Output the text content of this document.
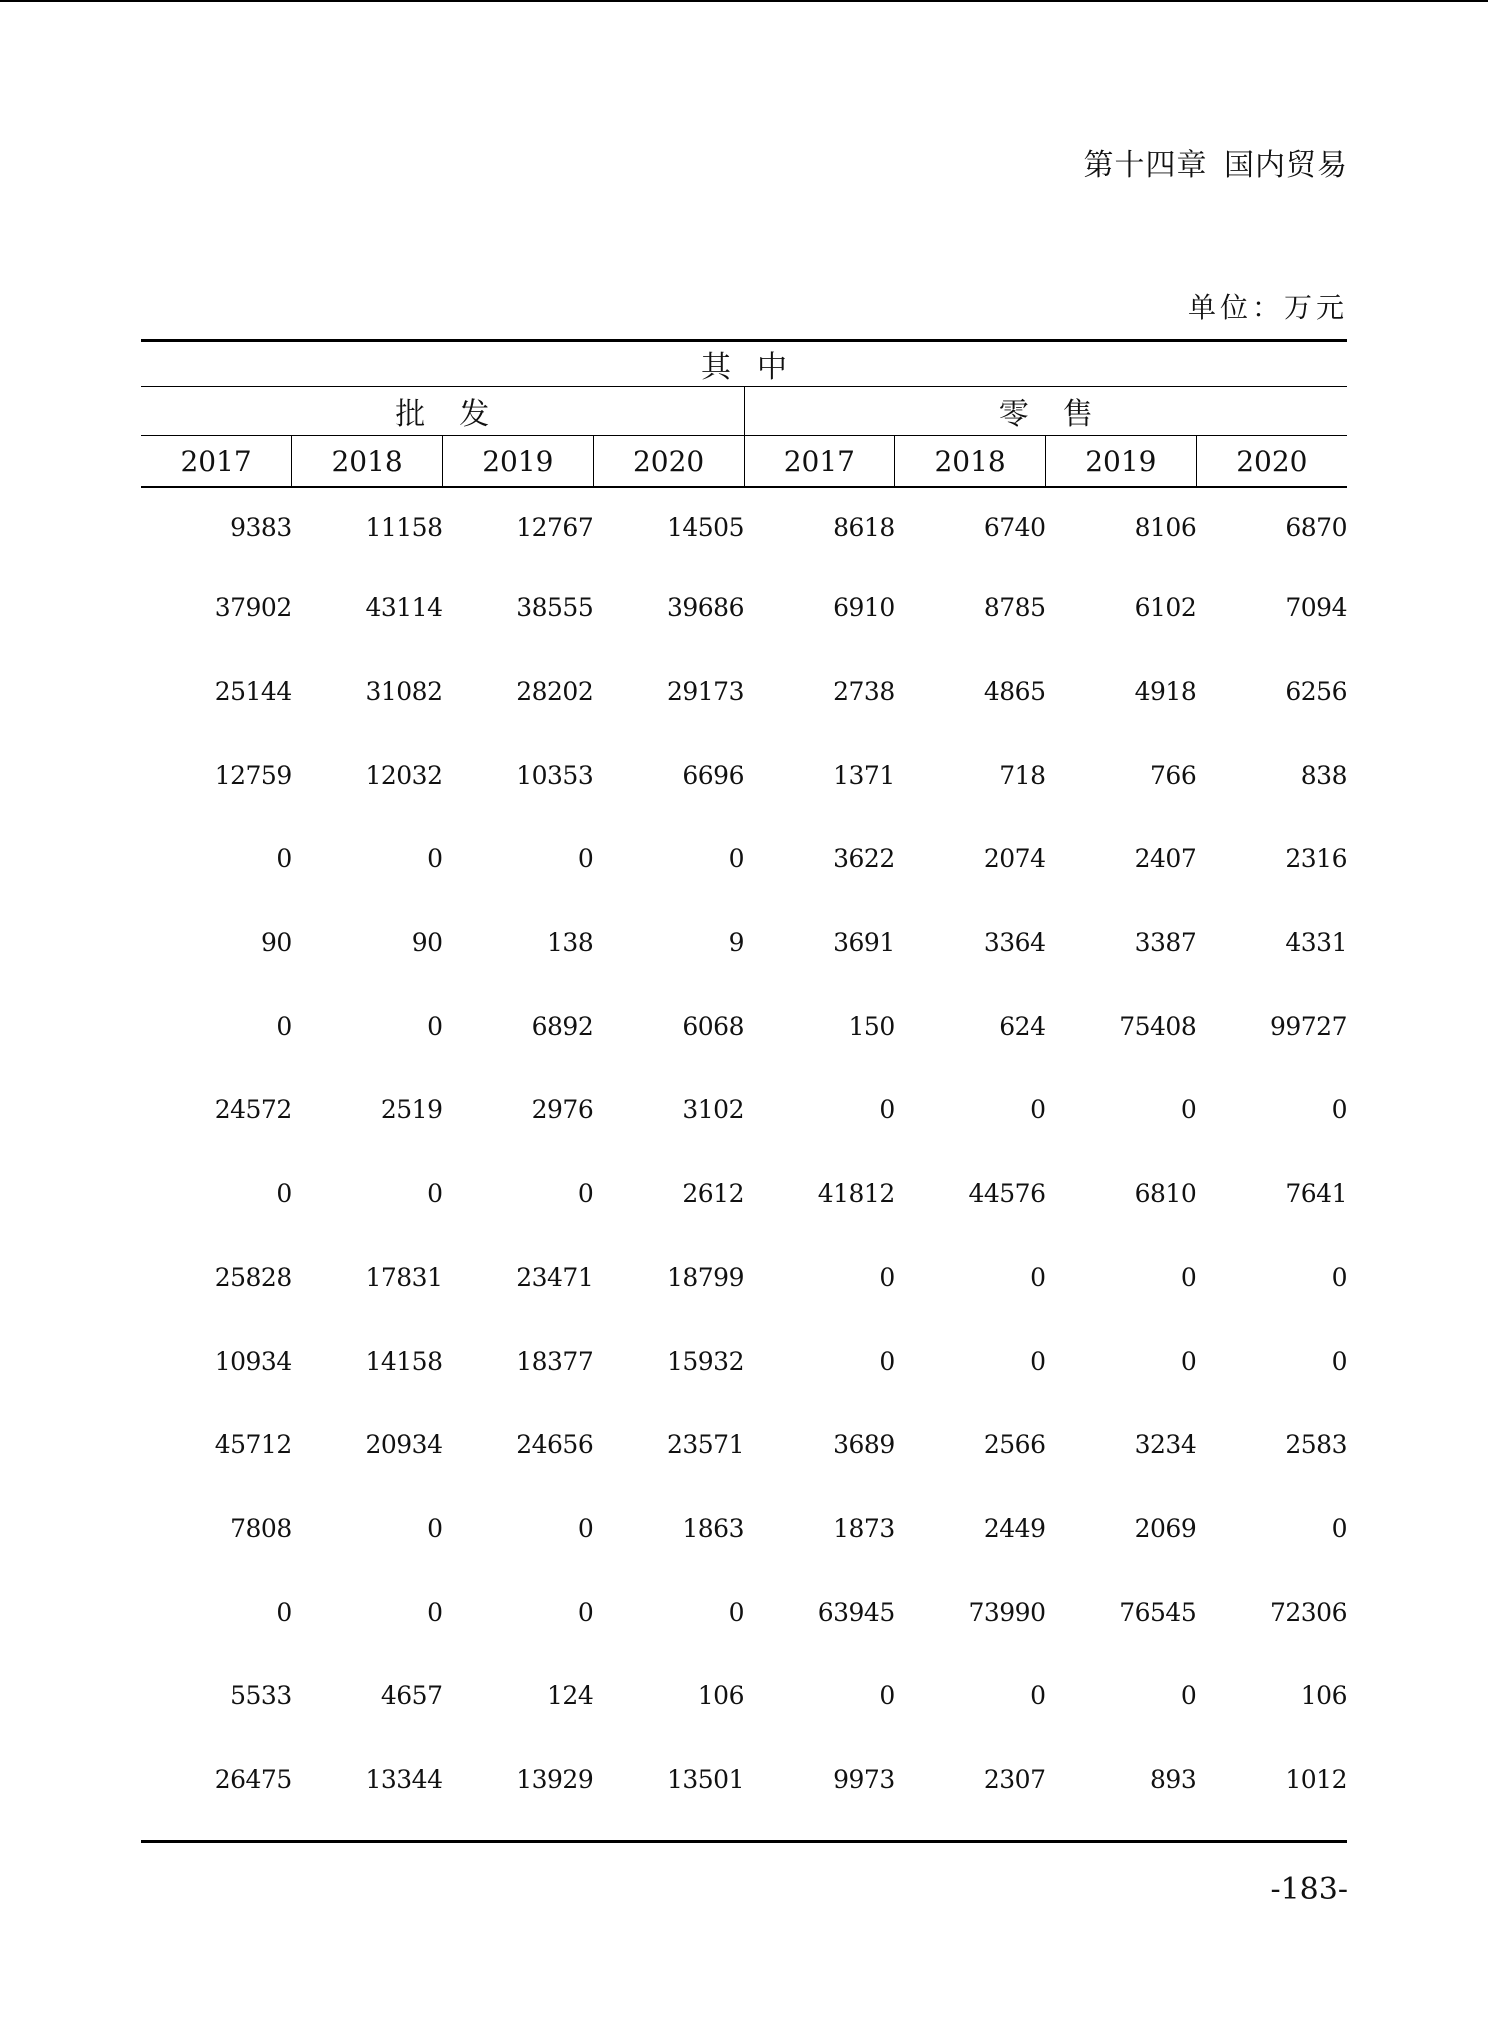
第十四章 国内贸易
单位：万元
其中							
批发				零售			
2017	2018	2019	2020	2017	2018	2019	2020
9383	11158	12767	14505	8618	6740	8106	6870
37902	43114	38555	39686	6910	8785	6102	7094
25144	31082	28202	29173	2738	4865	4918	6256
12759	12032	10353	6696	1371	718	766	838
0	0	0	0	3622	2074	2407	2316
90	90	138	9	3691	3364	3387	4331
0	0	6892	6068	150	624	75408	99727
24572	2519	2976	3102	0	0	0	0
0	0	0	2612	41812	44576	6810	7641
25828	17831	23471	18799	0	0	0	0
10934	14158	18377	15932	0	0	0	0
45712	20934	24656	23571	3689	2566	3234	2583
7808	0	0	1863	1873	2449	2069	0
0	0	0	0	63945	73990	76545	72306
5533	4657	124	106	0	0	0	106
26475	13344	13929	13501	9973	2307	893	1012
-183-
